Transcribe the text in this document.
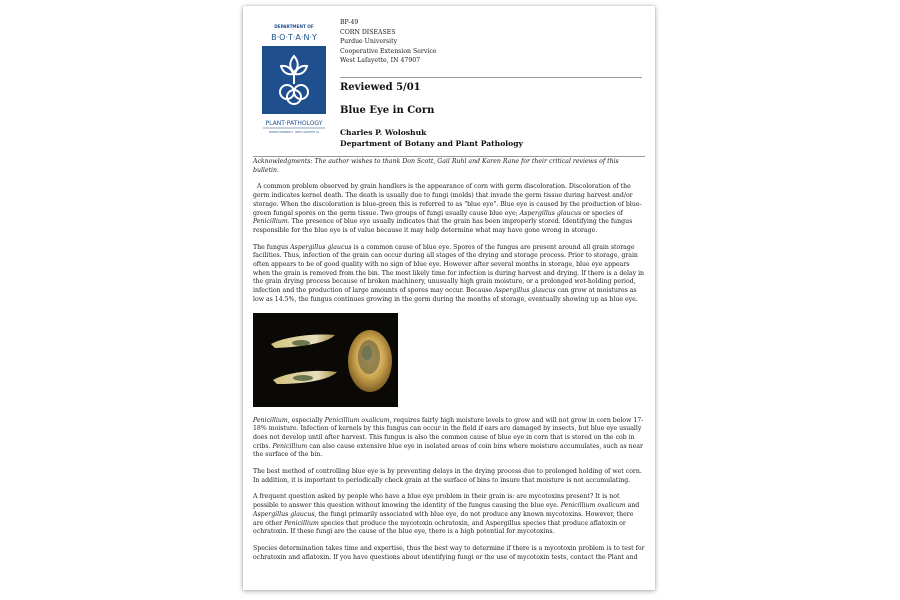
DEPARTMENT OF
B·O·T·A·N·Y
PLANT·PATHOLOGY
PURDUE UNIVERSITY · WEST LAFAYETTE, IN
BP-49
CORN DISEASES
Purdue University
Cooperative Extension Service
West Lafayette, IN 47907
Reviewed 5/01
Blue Eye in Corn
Charles P. Woloshuk
Department of Botany and Plant Pathology

Acknowledgments: The author wishes to thank Don Scott, Gail Ruhl and Karen Rane for their critical reviews of this bulletin.

A common problem observed by grain handlers is the appearance of corn with germ discoloration. Discoloration of the germ indicates kernel death. The death is usually due to fungi (molds) that invade the germ tissue during harvest and/or storage. When the discoloration is blue-green this is referred to as "blue eye". Blue eye is caused by the production of blue-green fungal spores on the germ tissue. Two groups of fungi usually cause blue eye; Aspergillus glaucus or species of Penicillium. The presence of blue eye usually indicates that the grain has been improperly stored. Identifying the fungus responsible for the blue eye is of value because it may help determine what may have gone wrong in storage.

The fungus Aspergillus glaucus is a common cause of blue eye. Spores of the fungus are present around all grain storage facilities. Thus, infection of the grain can occur during all stages of the drying and storage process. Prior to storage, grain often appears to be of good quality with no sign of blue eye. However after several months in storage, blue eye appears when the grain is removed from the bin. The most likely time for infection is during harvest and drying. If there is a delay in the grain drying process because of broken machinery, unusually high grain moisture, or a prolonged wet-holding period, infection and the production of large amounts of spores may occur. Because Aspergillus glaucus can grow at moistures as low as 14.5%, the fungus continues growing in the germ during the months of storage, eventually showing up as blue eye.

Penicillium, especially Penicillium oxalicum, requires fairly high moisture levels to grow and will not grow in corn below 17-18% moisture. Infection of kernels by this fungus can occur in the field if ears are damaged by insects, but blue eye usually does not develop until after harvest. This fungus is also the common cause of blue eye in corn that is stored on the cob in cribs. Penicillium can also cause extensive blue eye in isolated areas of coin bins where moisture accumulates, such as near the surface of the bin.

The best method of controlling blue eye is by preventing delays in the drying process due to prolonged holding of wet corn. In addition, it is important to periodically check grain at the surface of bins to insure that moisture is not accumulating.

A frequent question asked by people who have a blue eye problem in their grain is: are mycotoxins present? It is not possible to answer this question without knowing the identity of the fungus causing the blue eye. Penicillium oxalicum and Aspergillus glaucus, the fungi primarily associated with blue eye, do not produce any known mycotoxins. However, there are other Penicillium species that produce the mycotoxin ochratoxin, and Aspergillus species that produce aflatoxin or ochratoxin. If these fungi are the cause of the blue eye, there is a high potential for mycotoxins.

Species determination takes time and expertise, thus the best way to determine if there is a mycotoxin problem is to test for ochratoxin and aflatoxin. If you have questions about identifying fungi or the use of mycotoxin tests, contact the Plant and
